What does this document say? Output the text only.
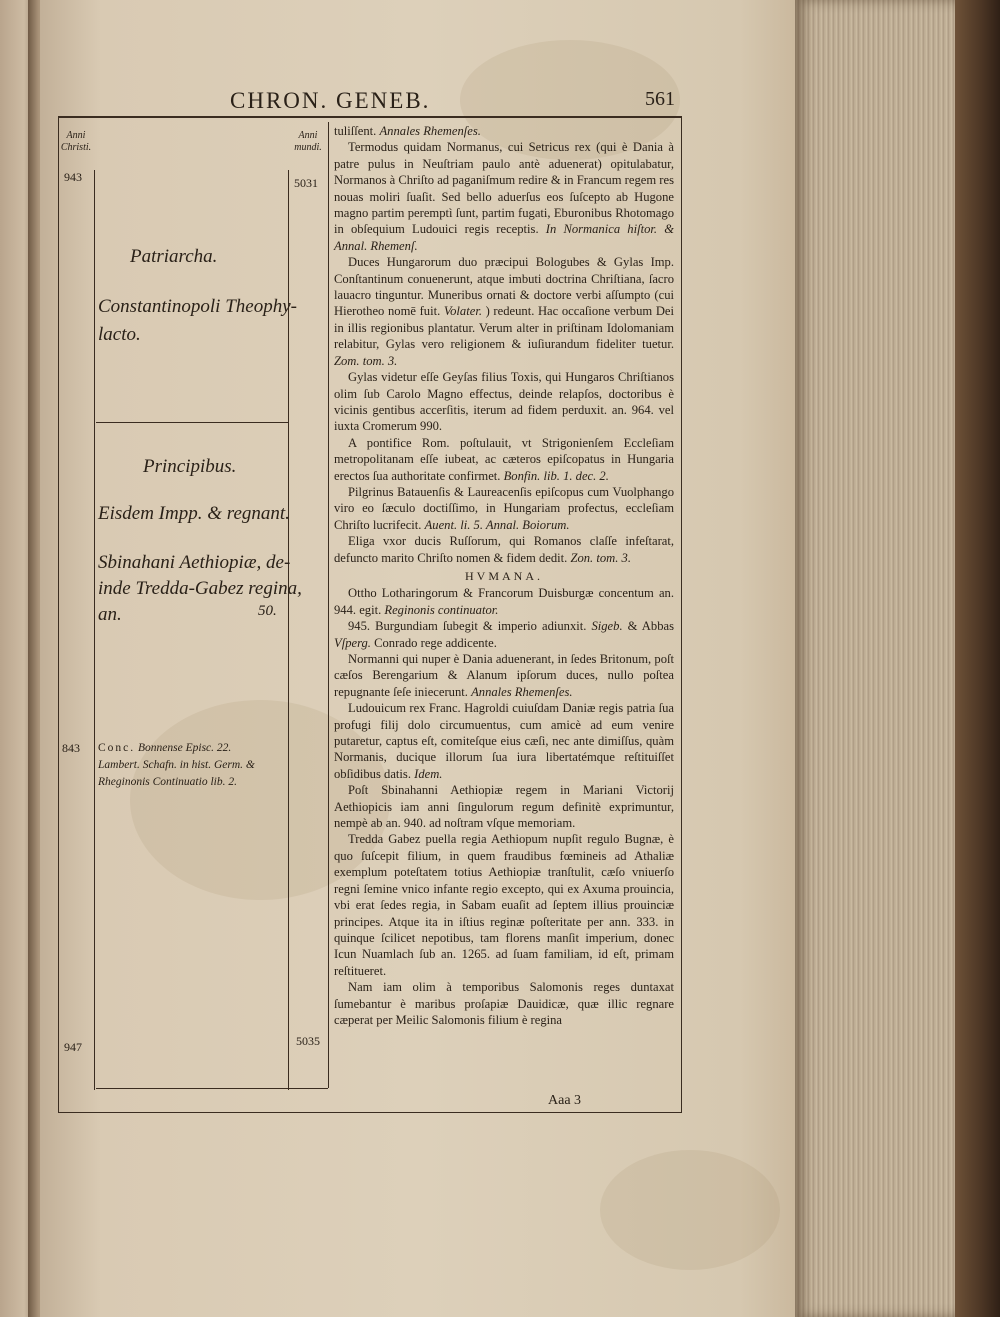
CHRON. GENEB.	561
Anni Christi.
Anni mundi.
943
843
947
5031
5035
Patriarcha.
Constantinopoli Theophy-
lacto.
Principibus.
Eisdem Impp. & regnant.
Sbinahani Aethiopiæ, de-
inde Tredda-Gabez regina,
an.	50.
Conc. Bonnense Episc. 22.
Lambert. Schafn. in hist. Germ. &
Rheginonis Continuatio lib. 2.

tuliſſent. Annales Rhemenſes.

Termodus quidam Normanus, cui Setricus rex (qui è Dania à patre pulus in Neuſtriam paulo antè aduenerat) opitulabatur, Normanos à Chriſto ad paganiſmum redire & in Francum regem res nouas moliri ſuaſit. Sed bello aduerſus eos ſuſcepto ab Hugone magno partim peremptì ſunt, partim fugati, Eburonibus Rhotomago in obſequium Ludouici regis receptis. In Normanica hiſtor. & Annal. Rhemenſ.

Duces Hungarorum duo præcipui Bologubes & Gylas Imp. Conſtantinum conuenerunt, atque imbuti doctrina Chriſtiana, ſacro lauacro tinguntur. Muneribus ornati & doctore verbi aſſumpto (cui Hierotheo nomē fuit. Volater. ) redeunt. Hac occaſione verbum Dei in illis regionibus plantatur. Verum alter in priſtinam Idolomaniam relabitur, Gylas vero religionem & iuſiurandum fideliter tuetur. Zom. tom. 3.

Gylas videtur eſſe Geyſas filius Toxis, qui Hungaros Chriſtianos olim ſub Carolo Magno effectus, deinde relapſos, doctoribus è vicinis gentibus accerſitis, iterum ad fidem perduxit. an. 964. vel iuxta Cromerum 990.

A pontifice Rom. poſtulauit, vt Strigonienſem Eccleſiam metropolitanam eſſe iubeat, ac cæteros epiſcopatus in Hungaria erectos ſua authoritate confirmet. Bonfin. lib. 1. dec. 2.

Pilgrinus Batauenſis & Laureacenſis epiſcopus cum Vuolphango viro eo ſæculo doctiſſimo, in Hungariam profectus, eccleſiam Chriſto lucrifecit. Auent. li. 5. Annal. Boiorum.

Eliga vxor ducis Ruſſorum, qui Romanos claſſe infeſtarat, defuncto marito Chriſto nomen & fidem dedit. Zon. tom. 3.

HVMANA.

Ottho Lotharingorum & Francorum Duisburgæ concentum an. 944. egit. Reginonis continuator.

945. Burgundiam ſubegit & imperio adiunxit. Sigeb. & Abbas Vſperg. Conrado rege addicente.

Normanni qui nuper è Dania aduenerant, in ſedes Britonum, poſt cæſos Berengarium & Alanum ipſorum duces, nullo poſtea repugnante ſeſe iniecerunt. Annales Rhemenſes.

Ludouicum rex Franc. Hagroldi cuiuſdam Daniæ regis patria ſua profugi filij dolo circumuentus, cum amicè ad eum venire putaretur, captus eſt, comiteſque eius cæſi, nec ante dimiſſus, quàm Normanis, ducique illorum ſua iura libertatémque reſtituiſſet obſidibus datis. Idem.

Poſt Sbinahanni Aethiopiæ regem in Mariani Victorij Aethiopicis iam anni ſingulorum regum definitè exprimuntur, nempè ab an. 940. ad noſtram vſque memoriam.

Tredda Gabez puella regia Aethiopum nupſit regulo Bugnæ, è quo ſuſcepit filium, in quem fraudibus fœmineis ad Athaliæ exemplum poteſtatem totius Aethiopiæ tranſtulit, cæſo vniuerſo regni ſemine vnico infante regio excepto, qui ex Axuma prouincia, vbi erat ſedes regia, in Sabam euaſit ad ſeptem illius prouinciæ principes. Atque ita in iſtius reginæ poſteritate per ann. 333. in quinque ſcilicet nepotibus, tam florens manſit imperium, donec Icun Nuamlach ſub an. 1265. ad ſuam familiam, id eſt, primam reſtitueret.

Nam iam olim à temporibus Salomonis reges duntaxat ſumebantur è maribus proſapiæ Dauidicæ, quæ illic regnare cæperat per Meilic Salomonis filium è regina

Aaa 3
